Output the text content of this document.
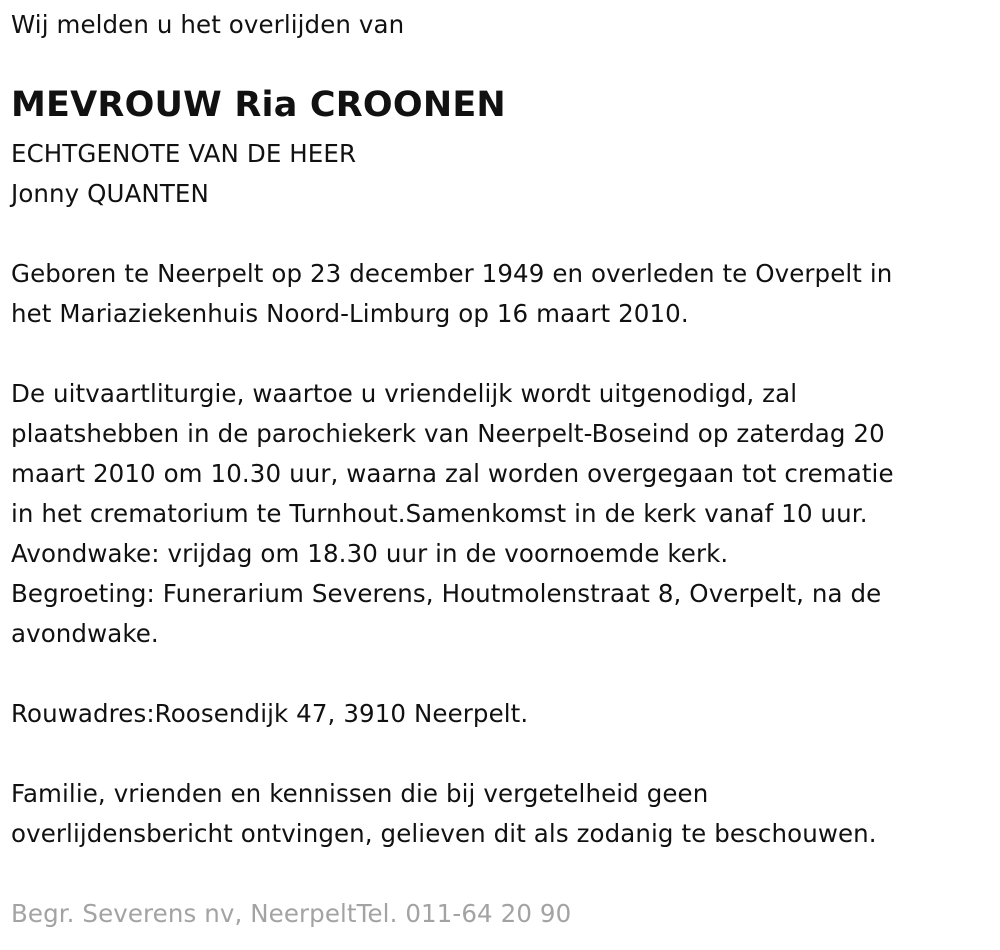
Wij melden u het overlijden van
MEVROUW Ria CROONEN
ECHTGENOTE VAN DE HEER
Jonny QUANTEN
Geboren te Neerpelt op 23 december 1949 en overleden te Overpelt in
het Mariaziekenhuis Noord-Limburg op 16 maart 2010.
De uitvaartliturgie, waartoe u vriendelijk wordt uitgenodigd, zal
plaatshebben in de parochiekerk van Neerpelt-Boseind op zaterdag 20
maart 2010 om 10.30 uur, waarna zal worden overgegaan tot crematie
in het crematorium te Turnhout.Samenkomst in de kerk vanaf 10 uur.
Avondwake: vrijdag om 18.30 uur in de voornoemde kerk.
Begroeting: Funerarium Severens, Houtmolenstraat 8, Overpelt, na de
avondwake.
Rouwadres:Roosendijk 47, 3910 Neerpelt.
Familie, vrienden en kennissen die bij vergetelheid geen
overlijdensbericht ontvingen, gelieven dit als zodanig te beschouwen.
Begr. Severens nv, NeerpeltTel. 011-64 20 90
